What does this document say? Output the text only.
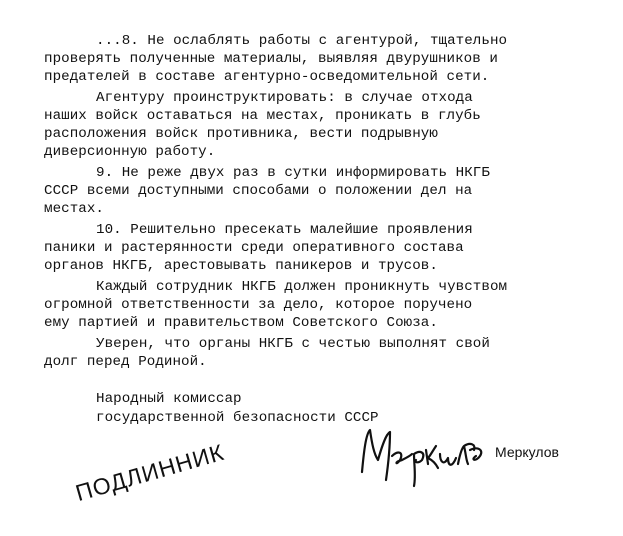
...8. Не ослаблять работы с агентурой, тщательно
проверять полученные материалы, выявляя двурушников и
предателей в составе агентурно-осведомительной сети.
Агентуру проинструктировать: в случае отхода
наших войск оставаться на местах, проникать в глубь
расположения войск противника, вести подрывную
диверсионную работу.
9. Не реже двух раз в сутки информировать НКГБ
СССР всеми доступными способами о положении дел на
местах.
10. Решительно пресекать малейшие проявления
паники и растерянности среди оперативного состава
органов НКГБ, арестовывать паникеров и трусов.
Каждый сотрудник НКГБ должен проникнуть чувством
огромной ответственности за дело, которое поручено
ему партией и правительством Советского Союза.
Уверен, что органы НКГБ с честью выполнят свой
долг перед Родиной.
Народный комиссар
государственной безопасности СССР
Меркулов
ПОДЛИННИК
